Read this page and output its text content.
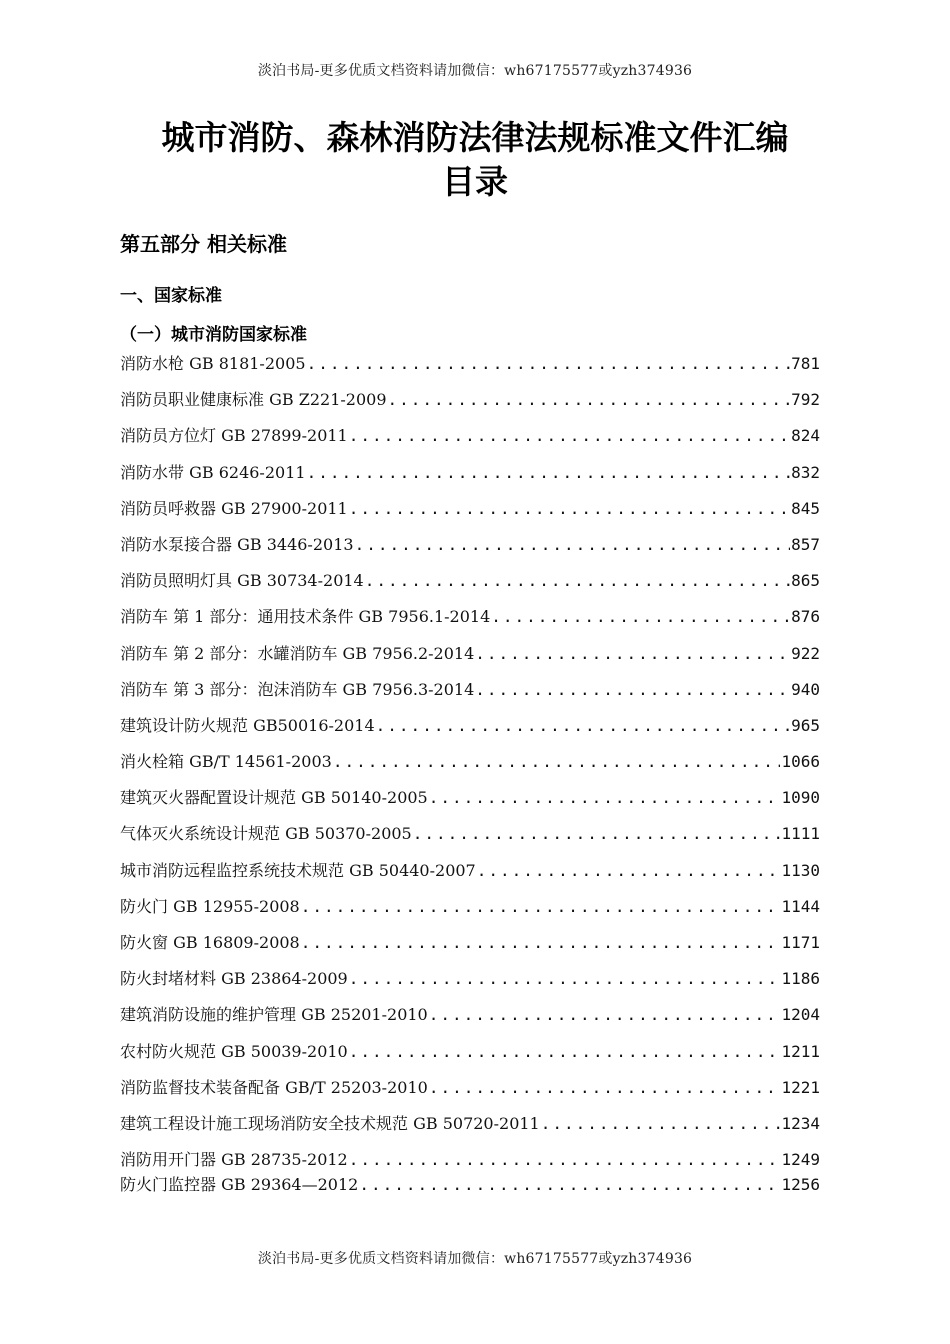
淡泊书局-更多优质文档资料请加微信：wh67175577或yzh374936
城市消防、森林消防法律法规标准文件汇编
目录
第五部分 相关标准
一、国家标准
（一）城市消防国家标准
消防水枪 GB 8181-2005 .....	781
消防员职业健康标准 GB Z221-2009 .....	792
消防员方位灯 GB 27899-2011 .....	824
消防水带 GB 6246-2011 .....	832
消防员呼救器 GB 27900-2011 .....	845
消防水泵接合器 GB 3446-2013 .....	857
消防员照明灯具 GB 30734-2014 .....	865
消防车 第 1 部分：通用技术条件 GB 7956.1-2014 .....	876
消防车 第 2 部分：水罐消防车 GB 7956.2-2014 .....	922
消防车 第 3 部分：泡沫消防车 GB 7956.3-2014 .....	940
建筑设计防火规范 GB50016-2014 .....	965
消火栓箱 GB/T 14561-2003 .....	1066
建筑灭火器配置设计规范 GB 50140-2005 .....	1090
气体灭火系统设计规范 GB 50370-2005 .....	1111
城市消防远程监控系统技术规范 GB 50440-2007 .....	1130
防火门 GB 12955-2008 .....	1144
防火窗 GB 16809-2008 .....	1171
防火封堵材料 GB 23864-2009 .....	1186
建筑消防设施的维护管理 GB 25201-2010 .....	1204
农村防火规范 GB 50039-2010 .....	1211
消防监督技术装备配备 GB/T 25203-2010 .....	1221
建筑工程设计施工现场消防安全技术规范 GB 50720-2011 .....	1234
消防用开门器 GB 28735-2012 .....	1249
防火门监控器 GB 29364—2012 .....	1256
淡泊书局-更多优质文档资料请加微信：wh67175577或yzh374936
